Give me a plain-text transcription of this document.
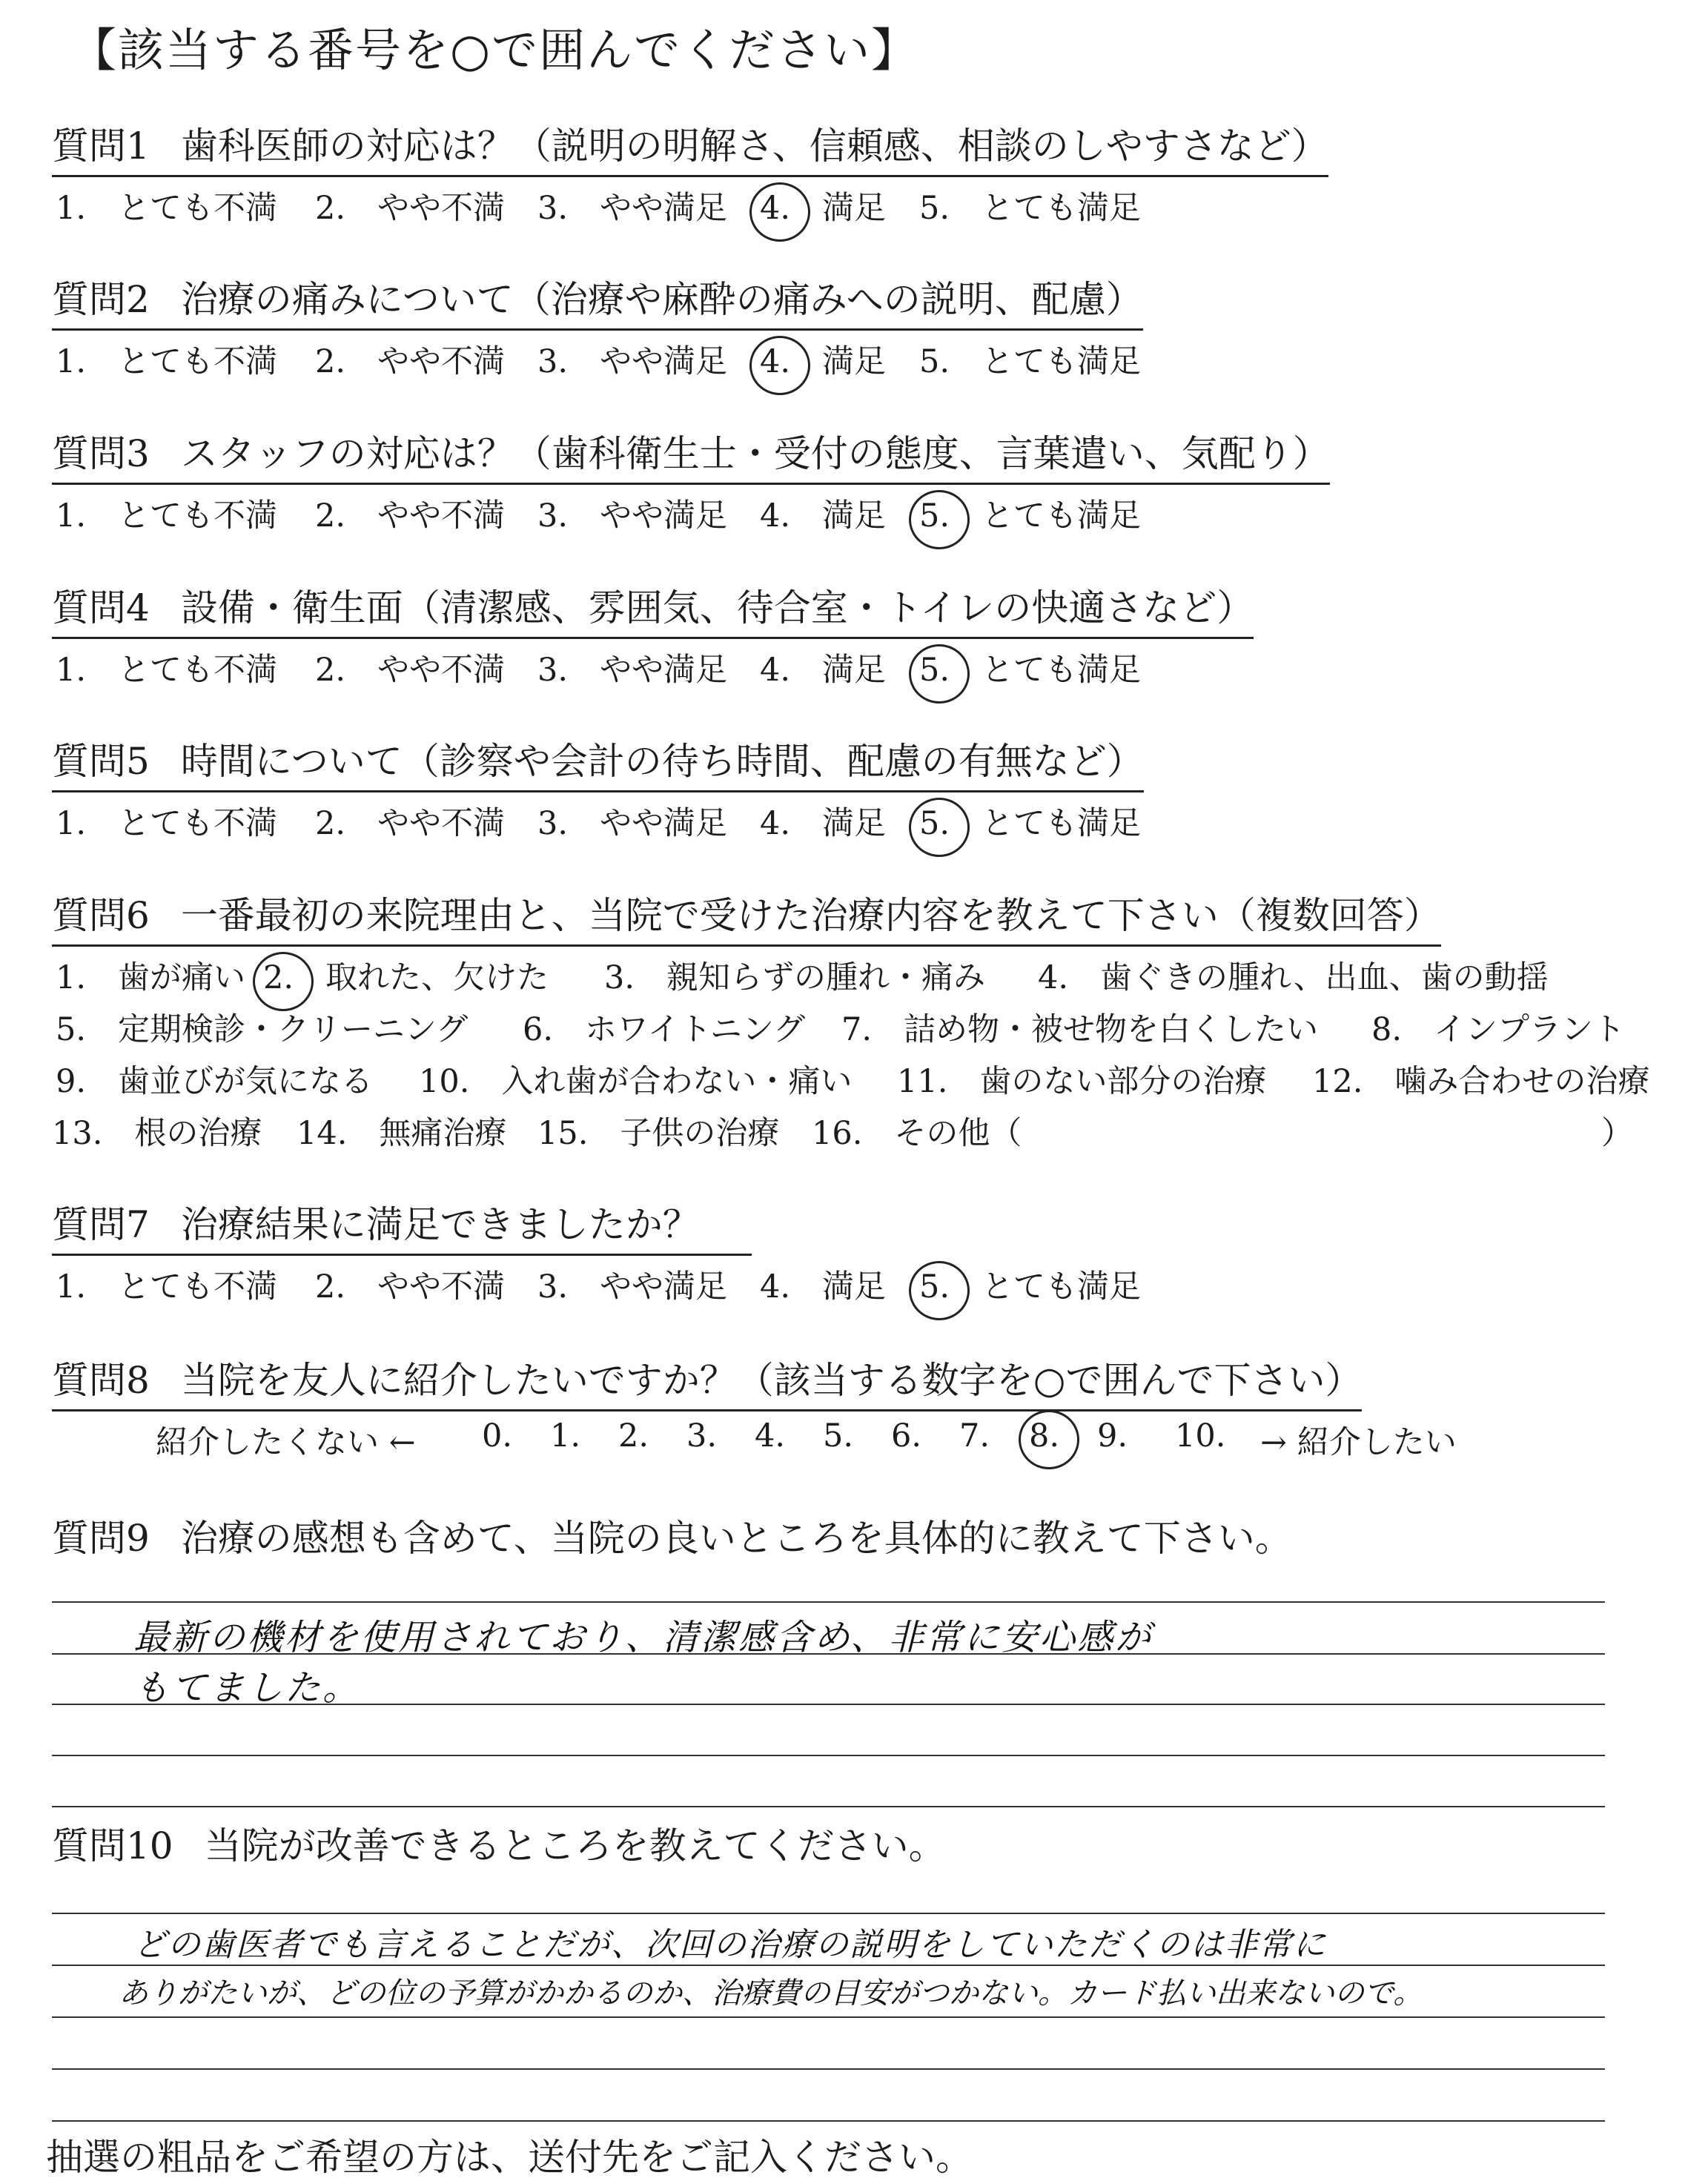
【該当する番号を○で囲んでください】
質問1 歯科医師の対応は？（説明の明解さ、信頼感、相談のしやすさなど）
1.　とても不満 2.　やや不満 3.　やや満足 4.　満足 5.　とても満足
質問2 治療の痛みについて（治療や麻酔の痛みへの説明、配慮）
1.　とても不満 2.　やや不満 3.　やや満足 4.　満足 5.　とても満足
質問3 スタッフの対応は？（歯科衛生士・受付の態度、言葉遣い、気配り）
1.　とても不満 2.　やや不満 3.　やや満足 4.　満足 5.　とても満足
質問4 設備・衛生面（清潔感、雰囲気、待合室・トイレの快適さなど）
1.　とても不満 2.　やや不満 3.　やや満足 4.　満足 5.　とても満足
質問5 時間について（診察や会計の待ち時間、配慮の有無など）
1.　とても不満 2.　やや不満 3.　やや満足 4.　満足 5.　とても満足
質問6 一番最初の来院理由と、当院で受けた治療内容を教えて下さい（複数回答）
1.　歯が痛い 2.　取れた、欠けた 3.　親知らずの腫れ・痛み 4.　歯ぐきの腫れ、出血、歯の動揺
5.　定期検診・クリーニング 6.　ホワイトニング 7.　詰め物・被せ物を白くしたい 8.　インプラント
9.　歯並びが気になる 10.　入れ歯が合わない・痛い 11.　歯のない部分の治療 12.　噛み合わせの治療
13.　根の治療 14.　無痛治療 15.　子供の治療 16.　その他（	）
質問7 治療結果に満足できましたか？
1.　とても不満 2.　やや不満 3.　やや満足 4.　満足 5.　とても満足
質問8 当院を友人に紹介したいですか？（該当する数字を○で囲んで下さい）
紹介したくない ← 0. 1. 2. 3. 4. 5. 6. 7. 8. 9. 10. → 紹介したい
質問9 治療の感想も含めて、当院の良いところを具体的に教えて下さい。
最新の機材を使用されており、清潔感含め、非常に安心感が
もてました。
質問10 当院が改善できるところを教えてください。
どの歯医者でも言えることだが、次回の治療の説明をしていただくのは非常に
ありがたいが、どの位の予算がかかるのか、治療費の目安がつかない。カード払い出来ないので。
抽選の粗品をご希望の方は、送付先をご記入ください。
